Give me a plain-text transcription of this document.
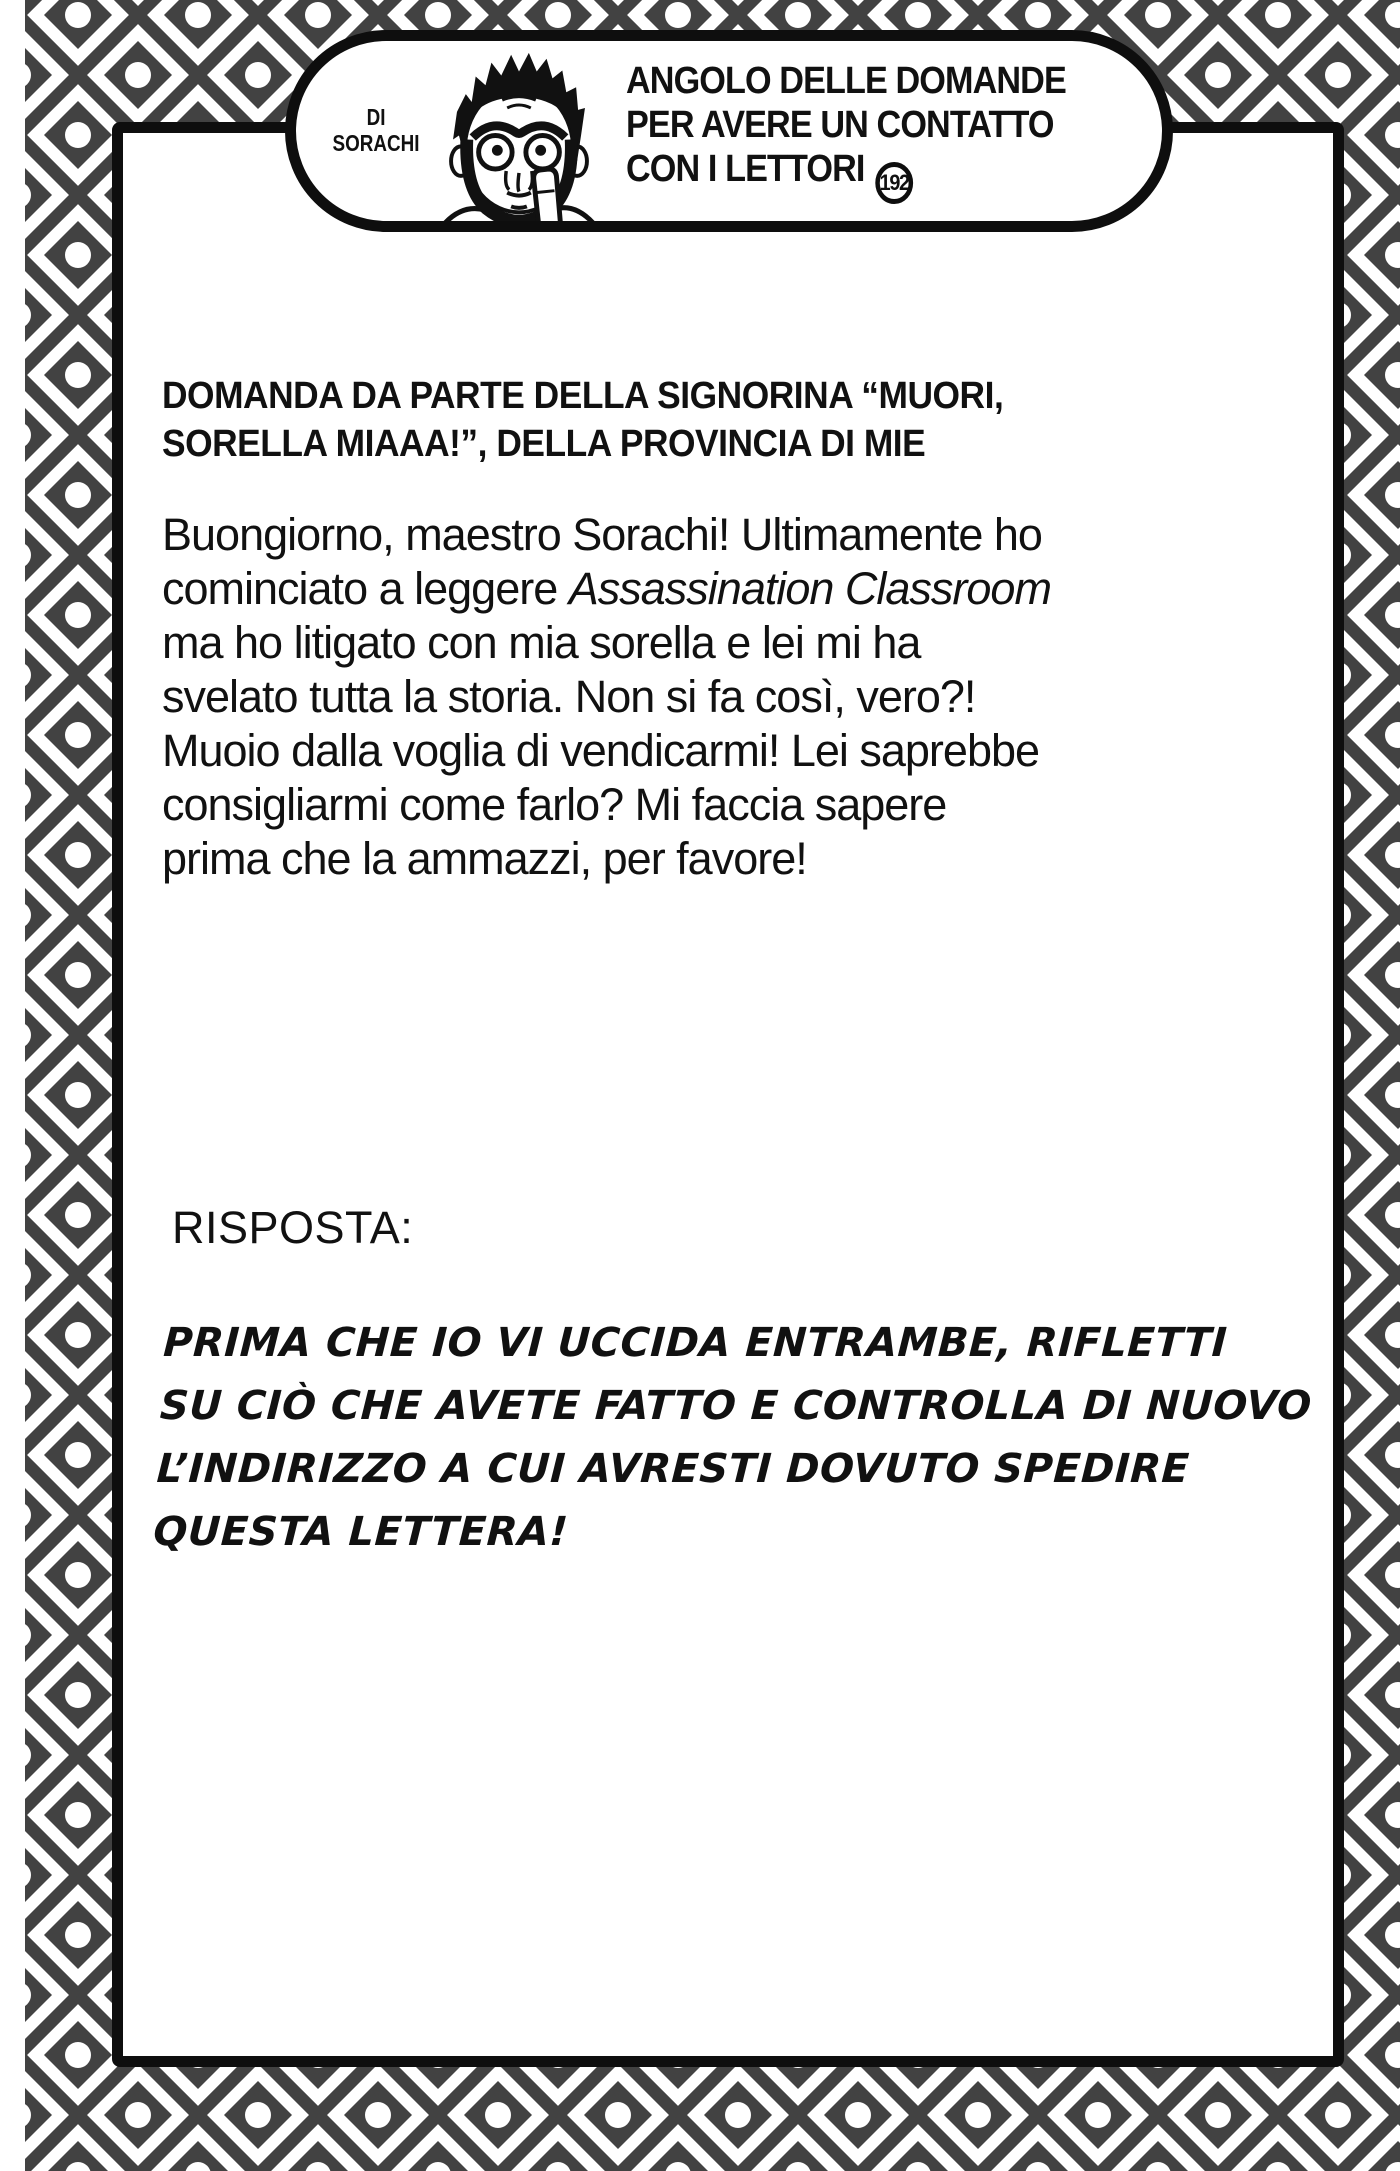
DI
SORACHI
ANGOLO DELLE DOMANDE
PER AVERE UN CONTATTO
CON I LETTORI 192
DOMANDA DA PARTE DELLA SIGNORINA “MUORI,
SORELLA MIAAA!”, DELLA PROVINCIA DI MIE
Buongiorno, maestro Sorachi! Ultimamente ho
cominciato a leggere Assassination Classroom
ma ho litigato con mia sorella e lei mi ha
svelato tutta la storia. Non si fa così, vero?!
Muoio dalla voglia di vendicarmi! Lei saprebbe
consigliarmi come farlo? Mi faccia sapere
prima che la ammazzi, per favore!
RISPOSTA:
PRIMA CHE IO VI UCCIDA ENTRAMBE, RIFLETTI
SU CIÒ CHE AVETE FATTO E CONTROLLA DI NUOVO
L’INDIRIZZO A CUI AVRESTI DOVUTO SPEDIRE
QUESTA LETTERA!
